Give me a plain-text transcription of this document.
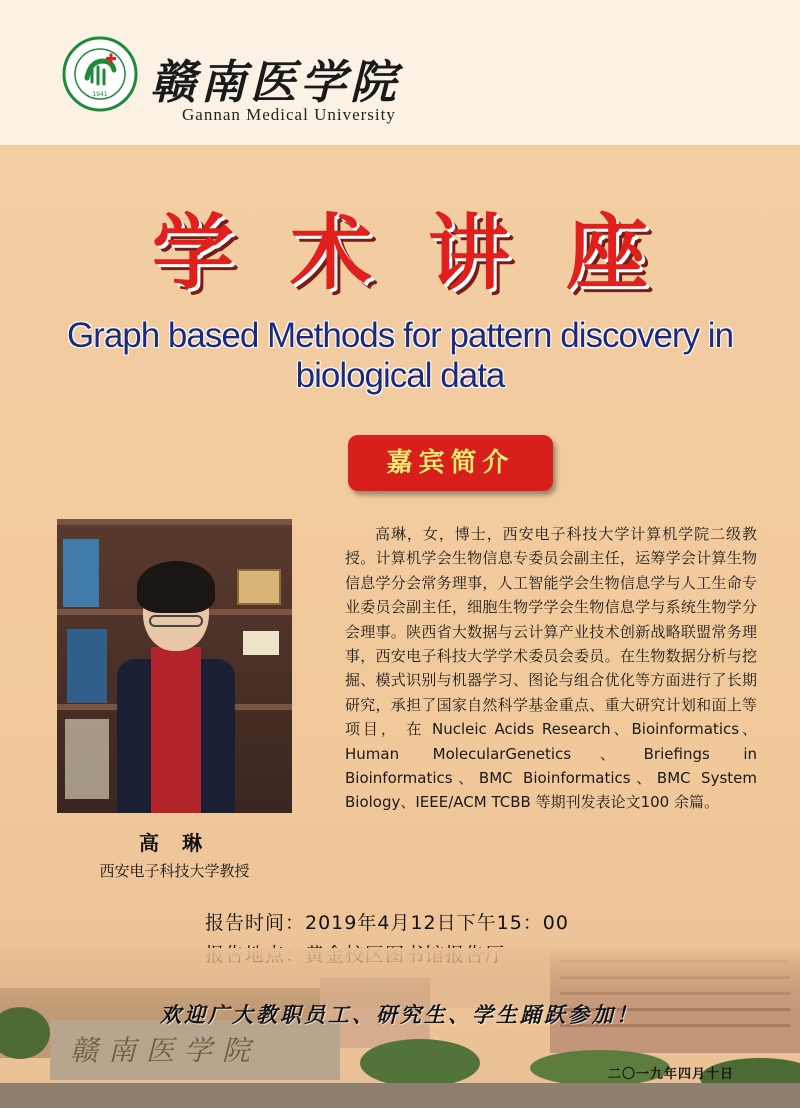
1941 赣南医学院
Gannan Medical University
学术讲座
Graph based Methods for pattern discovery in biological data
嘉宾简介
高 琳
西安电子科技大学教授

高琳，女，博士，西安电子科技大学计算机学院二级教授。计算机学会生物信息专委员会副主任，运筹学会计算生物信息学分会常务理事，人工智能学会生物信息学与人工生命专业委员会副主任，细胞生物学学会生物信息学与系统生物学分会理事。陕西省大数据与云计算产业技术创新战略联盟常务理事，西安电子科技大学学术委员会委员。在生物数据分析与挖掘、模式识别与机器学习、图论与组合优化等方面进行了长期研究，承担了国家自然科学基金重点、重大研究计划和面上等项目， 在 Nucleic Acids Research、Bioinformatics、Human MolecularGenetics、Briefings in Bioinformatics、BMC Bioinformatics、BMC System Biology、IEEE/ACM TCBB 等期刊发表论文100 余篇。

报告时间：2019年4月12日下午15：00
赣南医学院
欢迎广大教职员工、研究生、学生踊跃参加！
二〇一九年四月十日
